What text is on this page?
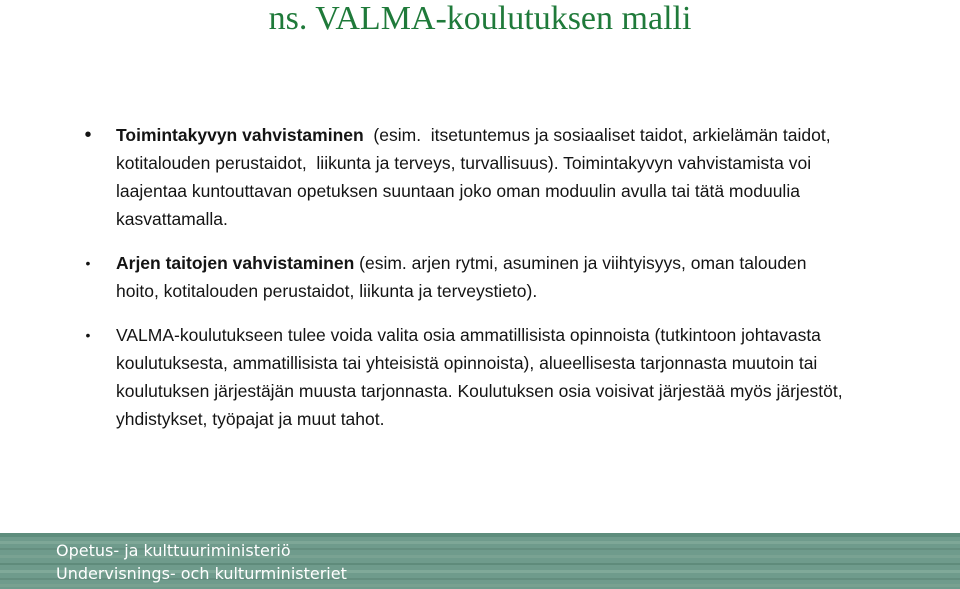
ns. VALMA-koulutuksen malli
• Toimintakyvyn vahvistaminen  (esim.  itsetuntemus ja sosiaaliset taidot, arkielämän taidot, kotitalouden perustaidot,  liikunta ja terveys, turvallisuus). Toimintakyvyn vahvistamista voi laajentaa kuntouttavan opetuksen suuntaan joko oman moduulin avulla tai tätä moduulia kasvattamalla.
• Arjen taitojen vahvistaminen (esim. arjen rytmi, asuminen ja viihtyisyys, oman talouden hoito, kotitalouden perustaidot, liikunta ja terveystieto).
• VALMA-koulutukseen tulee voida valita osia ammatillisista opinnoista (tutkintoon johtavasta koulutuksesta, ammatillisista tai yhteisistä opinnoista), alueellisesta tarjonnasta muutoin tai koulutuksen järjestäjän muusta tarjonnasta. Koulutuksen osia voisivat järjestää myös järjestöt, yhdistykset, työpajat ja muut tahot.
Opetus- ja kulttuuriministeriö
Undervisnings- och kulturministeriet
